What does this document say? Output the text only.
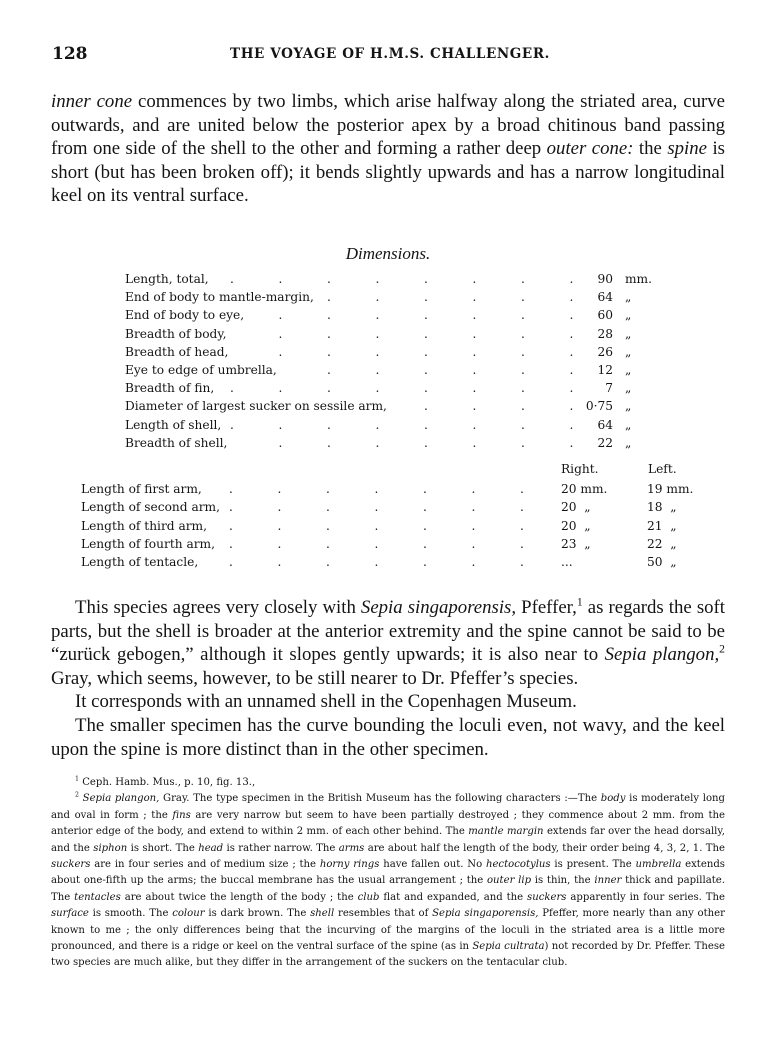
128	THE VOYAGE OF H.M.S. CHALLENGER.

inner cone commences by two limbs, which arise halfway along the striated area, curve outwards, and are united below the posterior apex by a broad chitinous band passing from one side of the shell to the other and forming a rather deep outer cone: the spine is short (but has been broken off); it bends slightly upwards and has a narrow longitudinal keel on its ventral surface.

Dimensions.
Length, total, .	.	.	.	.	.	.	. 90 mm.
End of body to mantle-margin, .	.	.	.	.	. 64 „
End of body to eye,	.	.	.	.	.	.	. 60 „
Breadth of body,	.	.	.	.	.	.	. 28 „
Breadth of head,	.	.	.	.	.	.	. 26 „
Eye to edge of umbrella,	.	.	.	.	.	. 12 „
Breadth of fin, .	.	.	.	.	.	.	.	7 „
Diameter of largest sucker on sessile arm,	.	.	.	. 0·75 „
Length of shell, .	.	.	.	.	.	.	. 64 „
Breadth of shell,	.	.	.	.	.	.	. 22 „
Right.	Left.
Length of first arm, .	.	.	.	.	.	.	20 mm.	19 mm.
Length of second arm, .	.	.	.	.	.	.	20  „	18  „
Length of third arm, .	.	.	.	.	.	.	20  „	21  „
Length of fourth arm, .	.	.	.	.	.	.	23  „	22  „
Length of tentacle,	.	.	.	.	.	.	.	...	50  „

This species agrees very closely with Sepia singaporensis, Pfeffer,$^1$ as regards the soft parts, but the shell is broader at the anterior extremity and the spine cannot be said to be “zurück gebogen,” although it slopes gently upwards; it is also near to Sepia plangon,$^2$ Gray, which seems, however, to be still nearer to Dr. Pfeffer’s species.

It corresponds with an unnamed shell in the Copenhagen Museum.

The smaller specimen has the curve bounding the loculi even, not wavy, and the keel upon the spine is more distinct than in the other specimen.

$^1$ Ceph. Hamb. Mus., p. 10, fig. 13.,

$^2$ Sepia plangon, Gray. The type specimen in the British Museum has the following characters :—The body is moderately long and oval in form ; the fins are very narrow but seem to have been partially destroyed ; they commence about 2 mm. from the anterior edge of the body, and extend to within 2 mm. of each other behind. The mantle margin extends far over the head dorsally, and the siphon is short. The head is rather narrow. The arms are about half the length of the body, their order being 4, 3, 2, 1. The suckers are in four series and of medium size ; the horny rings have fallen out. No hectocotylus is present. The umbrella extends about one-fifth up the arms; the buccal membrane has the usual arrangement ; the outer lip is thin, the inner thick and papillate. The tentacles are about twice the length of the body ; the club flat and expanded, and the suckers apparently in four series. The surface is smooth. The colour is dark brown. The shell resembles that of Sepia singaporensis, Pfeffer, more nearly than any other known to me ; the only differences being that the incurving of the margins of the loculi in the striated area is a little more pronounced, and there is a ridge or keel on the ventral surface of the spine (as in Sepia cultrata) not recorded by Dr. Pfeffer. These two species are much alike, but they differ in the arrangement of the suckers on the tentacular club.
